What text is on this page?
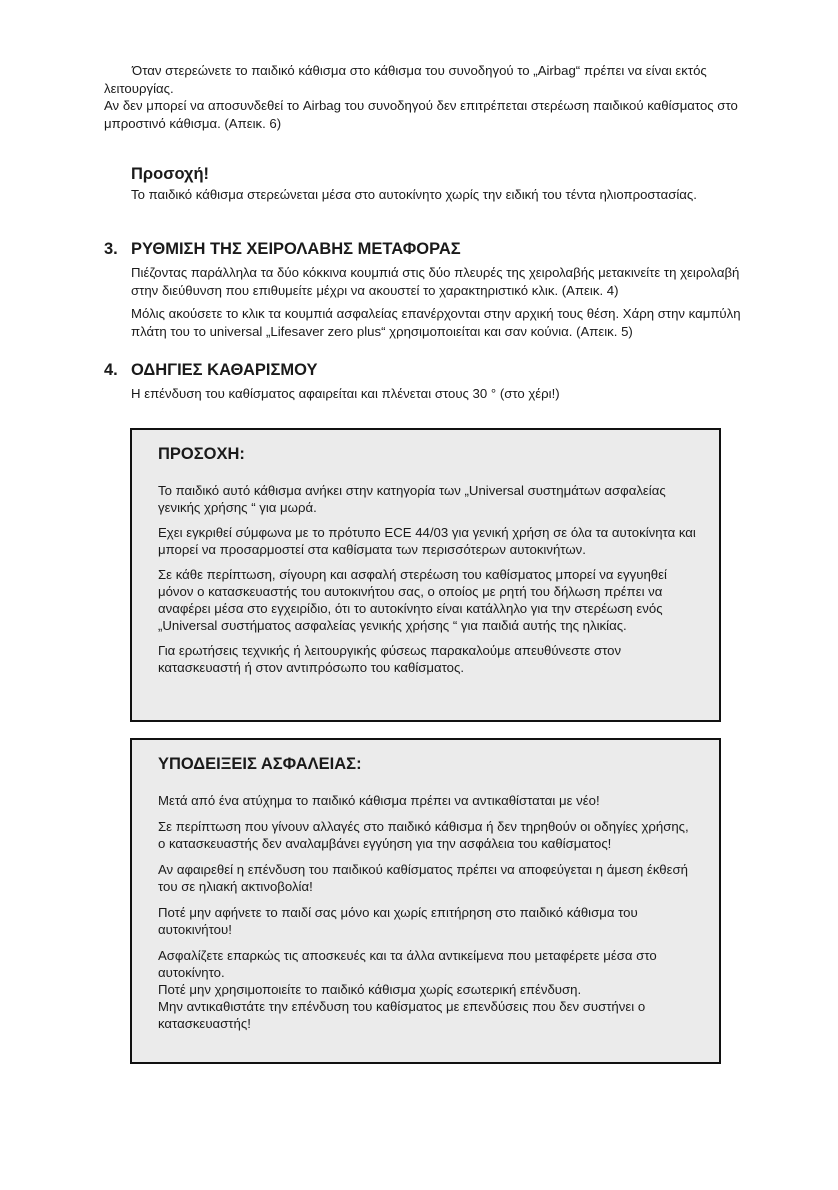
Όταν στερεώνετε το παιδικό κάθισμα στο κάθισμα του συνοδηγού το „Airbag“ πρέπει να είναι εκτός λειτουργίας.

Αν δεν μπορεί να αποσυνδεθεί το Airbag του συνοδηγού δεν επιτρέπεται στερέωση παιδικού καθίσματος στο μπροστινό κάθισμα. (Απεικ. 6)

Προσοχή!

Το παιδικό κάθισμα στερεώνεται μέσα στο αυτοκίνητο χωρίς την ειδική του τέντα ηλιοπροστασίας.

3. ΡΥΘΜΙΣΗ ΤΗΣ ΧΕΙΡΟΛΑΒΗΣ ΜΕΤΑΦΟΡΑΣ

Πιέζοντας παράλληλα τα δύο κόκκινα κουμπιά στις δύο πλευρές της χειρολαβής μετακινείτε τη χειρολαβή στην διεύθυνση που επιθυμείτε μέχρι να ακουστεί το χαρακτηριστικό κλικ. (Απεικ. 4)

Μόλις ακούσετε το κλικ τα κουμπιά ασφαλείας επανέρχονται στην αρχική τους θέση. Χάρη στην καμπύλη πλάτη του το universal „Lifesaver zero plus“ χρησιμοποιείται και σαν κούνια. (Απεικ. 5)

4. ΟΔΗΓΙΕΣ ΚΑΘΑΡΙΣΜΟΥ

Η επένδυση του καθίσματος αφαιρείται και πλένεται στους 30 ° (στο χέρι!)

ΠΡΟΣΟΧΗ:

Το παιδικό αυτό κάθισμα ανήκει στην κατηγορία των „Universal συστημάτων ασφαλείας γενικής χρήσης “ για μωρά.

Εχει εγκριθεί σύμφωνα με το πρότυπο ECE 44/03 για γενική χρήση σε όλα τα αυτοκίνητα και μπορεί να προσαρμοστεί στα καθίσματα των περισσότερων αυτοκινήτων.

Σε κάθε περίπτωση, σίγουρη και ασφαλή στερέωση του καθίσματος μπορεί να εγγυηθεί μόνον ο κατασκευαστής του αυτοκινήτου σας, ο οποίος με ρητή του δήλωση πρέπει να αναφέρει μέσα στο εγχειρίδιο, ότι το αυτοκίνητο είναι κατάλληλο για την στερέωση ενός „Universal συστήματος ασφαλείας γενικής χρήσης “ για παιδιά αυτής της ηλικίας.

Για ερωτήσεις τεχνικής ή λειτουργικής φύσεως παρακαλούμε απευθύνεστε στον κατασκευαστή ή στον αντιπρόσωπο του καθίσματος.

ΥΠΟΔΕΙΞΕΙΣ ΑΣΦΑΛΕΙΑΣ:

Μετά από ένα ατύχημα το παιδικό κάθισμα πρέπει να αντικαθίσταται με νέο!

Σε περίπτωση που γίνουν αλλαγές στο παιδικό κάθισμα ή δεν τηρηθούν οι οδηγίες χρήσης, ο κατασκευαστής δεν αναλαμβάνει εγγύηση για την ασφάλεια του καθίσματος!

Αν αφαιρεθεί η επένδυση του παιδικού καθίσματος πρέπει να αποφεύγεται η άμεση έκθεσή του σε ηλιακή ακτινοβολία!

Ποτέ μην αφήνετε το παιδί σας μόνο και χωρίς επιτήρηση στο παιδικό κάθισμα του αυτοκινήτου!

Ασφαλίζετε επαρκώς τις αποσκευές και τα άλλα αντικείμενα που μεταφέρετε μέσα στο αυτοκίνητο.

Ποτέ μην χρησιμοποιείτε το παιδικό κάθισμα χωρίς εσωτερική επένδυση.

Μην αντικαθιστάτε την επένδυση του καθίσματος με επενδύσεις που δεν συστήνει ο κατασκευαστής!
